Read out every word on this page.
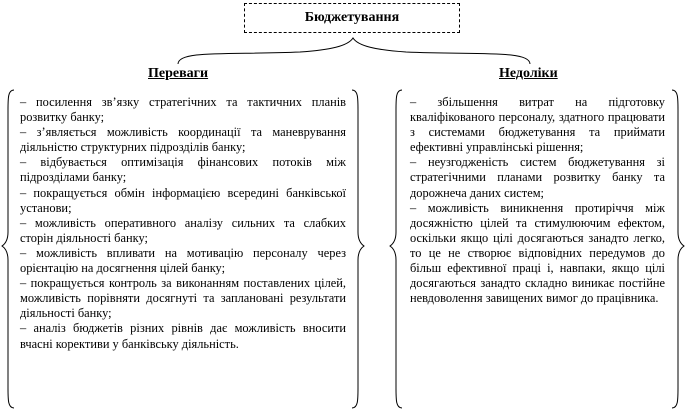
Бюджетування
Переваги	Недоліки

– посилення зв’язку стратегічних та тактичних планів розвитку банку;

– з’являється можливість координації та маневрування діяльністю структурних підрозділів банку;

– відбувається оптимізація фінансових потоків між підрозділами банку;

– покращується обмін інформацією всередині банківської установи;

– можливість оперативного аналізу сильних та слабких сторін діяльності банку;

– можливість впливати на мотивацію персоналу через орієнтацію на досягнення цілей банку;

– покращується контроль за виконанням поставлених цілей, можливість порівняти досягнуті та заплановані результати діяльності банку;

– аналіз бюджетів різних рівнів дає можливість вносити вчасні корективи у банківську діяльність.

– збільшення витрат на підготовку кваліфікованого персоналу, здатного працювати з системами бюджетування та приймати ефективні управлінські рішення;

– неузгодженість систем бюджетування зі стратегічними планами розвитку банку та дорожнеча даних систем;

– можливість виникнення протиріччя між досяжністю цілей та стимулюючим ефектом, оскільки якщо цілі досягаються занадто легко, то це не створює відповідних передумов до більш ефективної праці і, навпаки, якщо цілі досягаються занадто складно виникає постійне невдоволення завищених вимог до працівника.
